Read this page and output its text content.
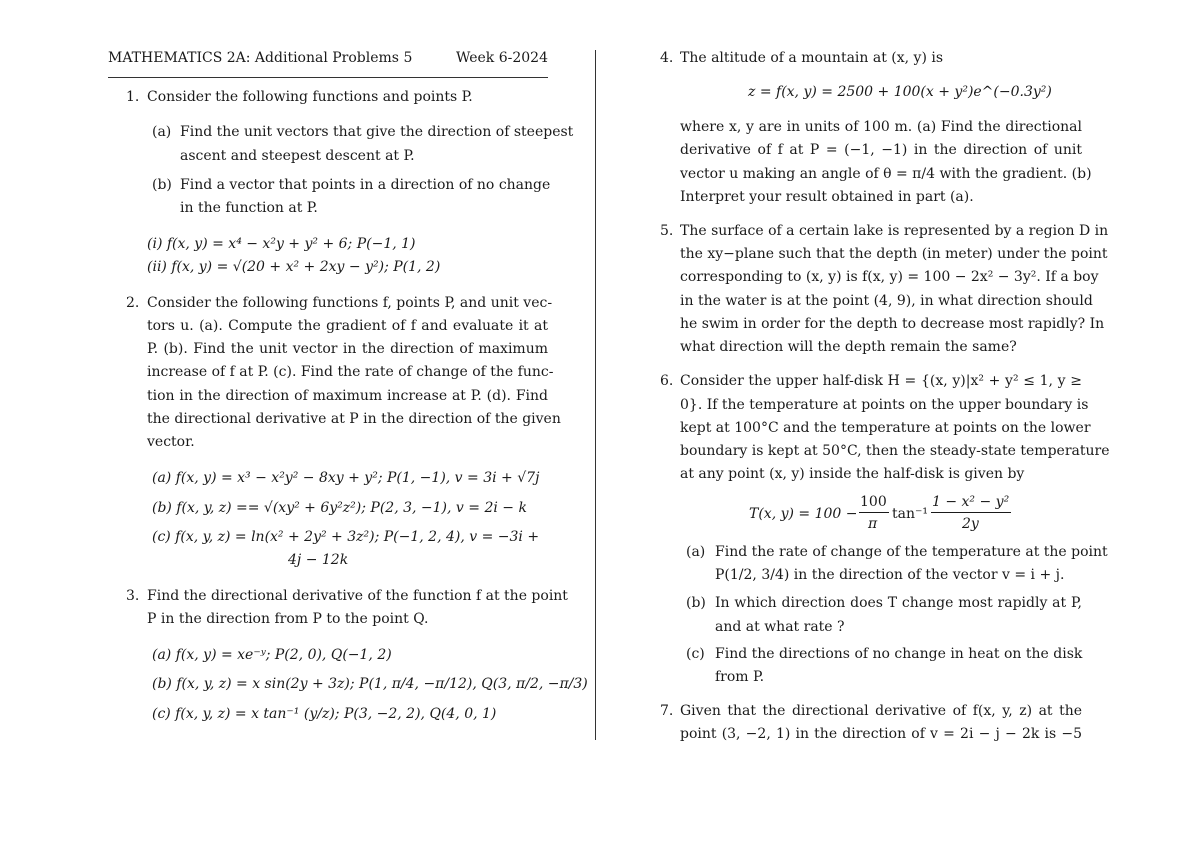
MATHEMATICS 2A: Additional Problems 5	Week 6-2024
1. Consider the following functions and points P.
(a) Find the unit vectors that give the direction of steepest
ascent and steepest descent at P.
(b) Find a vector that points in a direction of no change
in the function at P.
(i) f(x, y) = x⁴ − x²y + y² + 6; P(−1, 1)
(ii) f(x, y) = √(20 + x² + 2xy − y²); P(1, 2)
2. Consider the following functions f, points P, and unit vec-
tors u. (a). Compute the gradient of f and evaluate it at
P. (b). Find the unit vector in the direction of maximum
increase of f at P. (c). Find the rate of change of the func-
tion in the direction of maximum increase at P. (d). Find
the directional derivative at P in the direction of the given
vector.
(a) f(x, y) = x³ − x²y² − 8xy + y²; P(1, −1), v = 3i + √7j
(b) f(x, y, z) == √(xy² + 6y²z²); P(2, 3, −1), v = 2i − k
(c) f(x, y, z) = ln(x² + 2y² + 3z²); P(−1, 2, 4), v = −3i +
4j − 12k
3. Find the directional derivative of the function f at the point
P in the direction from P to the point Q.
(a) f(x, y) = xe⁻ʸ; P(2, 0), Q(−1, 2)
(b) f(x, y, z) = x sin(2y + 3z); P(1, π/4, −π/12), Q(3, π/2, −π/3)
(c) f(x, y, z) = x tan⁻¹ (y/z); P(3, −2, 2), Q(4, 0, 1)
4. The altitude of a mountain at (x, y) is
z = f(x, y) = 2500 + 100(x + y²)e^(−0.3y²)
where x, y are in units of 100 m. (a) Find the directional
derivative of f at P = (−1, −1) in the direction of unit
vector u making an angle of θ = π/4 with the gradient. (b)
Interpret your result obtained in part (a).
5. The surface of a certain lake is represented by a region D in
the xy−plane such that the depth (in meter) under the point
corresponding to (x, y) is f(x, y) = 100 − 2x² − 3y². If a boy
in the water is at the point (4, 9), in what direction should
he swim in order for the depth to decrease most rapidly? In
what direction will the depth remain the same?
6. Consider the upper half-disk H = {(x, y)|x² + y² ≤ 1, y ≥
0}. If the temperature at points on the upper boundary is
kept at 100°C and the temperature at points on the lower
boundary is kept at 50°C, then the steady-state temperature
at any point (x, y) inside the half-disk is given by
T(x, y) = 100 −
100
π
tan⁻¹
1 − x² − y²
2y
(a) Find the rate of change of the temperature at the point
P(1/2, 3/4) in the direction of the vector v = i + j.
(b) In which direction does T change most rapidly at P,
and at what rate ?
(c) Find the directions of no change in heat on the disk
from P.
7. Given that the directional derivative of f(x, y, z) at the
point (3, −2, 1) in the direction of v = 2i − j − 2k is −5
